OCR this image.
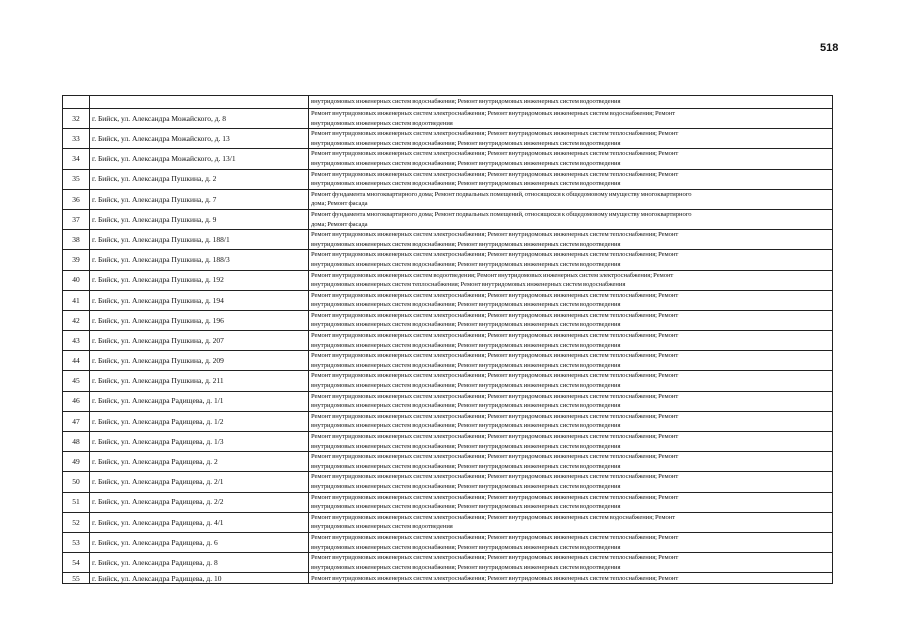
518
		внутридомовых инженерных систем водоснабжения; Ремонт внутридомовых инженерных систем водоотведения
32	г. Бийск, ул. Александра Можайского, д. 8	Ремонт внутридомовых инженерных систем электроснабжения; Ремонт внутридомовых инженерных систем водоснабжения; Ремонт
внутридомовых инженерных систем водоотведения
33	г. Бийск, ул. Александра Можайского, д. 13	Ремонт внутридомовых инженерных систем электроснабжения; Ремонт внутридомовых инженерных систем теплоснабжения; Ремонт
внутридомовых инженерных систем водоснабжения; Ремонт внутридомовых инженерных систем водоотведения
34	г. Бийск, ул. Александра Можайского, д. 13/1	Ремонт внутридомовых инженерных систем электроснабжения; Ремонт внутридомовых инженерных систем теплоснабжения; Ремонт
внутридомовых инженерных систем водоснабжения; Ремонт внутридомовых инженерных систем водоотведения
35	г. Бийск, ул. Александра Пушкина, д. 2	Ремонт внутридомовых инженерных систем электроснабжения; Ремонт внутридомовых инженерных систем теплоснабжения; Ремонт
внутридомовых инженерных систем водоснабжения; Ремонт внутридомовых инженерных систем водоотведения
36	г. Бийск, ул. Александра Пушкина, д. 7	Ремонт фундамента многоквартирного дома; Ремонт подвальных помещений, относящихся к общедомовому имуществу многоквартирного
дома; Ремонт фасада
37	г. Бийск, ул. Александра Пушкина, д. 9	Ремонт фундамента многоквартирного дома; Ремонт подвальных помещений, относящихся к общедомовому имуществу многоквартирного
дома; Ремонт фасада
38	г. Бийск, ул. Александра Пушкина, д. 188/1	Ремонт внутридомовых инженерных систем электроснабжения; Ремонт внутридомовых инженерных систем теплоснабжения; Ремонт
внутридомовых инженерных систем водоснабжения; Ремонт внутридомовых инженерных систем водоотведения
39	г. Бийск, ул. Александра Пушкина, д. 188/3	Ремонт внутридомовых инженерных систем электроснабжения; Ремонт внутридомовых инженерных систем теплоснабжения; Ремонт
внутридомовых инженерных систем водоснабжения; Ремонт внутридомовых инженерных систем водоотведения
40	г. Бийск, ул. Александра Пушкина, д. 192	Ремонт внутридомовых инженерных систем водоотведения; Ремонт внутридомовых инженерных систем электроснабжения; Ремонт
внутридомовых инженерных систем теплоснабжения; Ремонт внутридомовых инженерных систем водоснабжения
41	г. Бийск, ул. Александра Пушкина, д. 194	Ремонт внутридомовых инженерных систем электроснабжения; Ремонт внутридомовых инженерных систем теплоснабжения; Ремонт
внутридомовых инженерных систем водоснабжения; Ремонт внутридомовых инженерных систем водоотведения
42	г. Бийск, ул. Александра Пушкина, д. 196	Ремонт внутридомовых инженерных систем электроснабжения; Ремонт внутридомовых инженерных систем теплоснабжения; Ремонт
внутридомовых инженерных систем водоснабжения; Ремонт внутридомовых инженерных систем водоотведения
43	г. Бийск, ул. Александра Пушкина, д. 207	Ремонт внутридомовых инженерных систем электроснабжения; Ремонт внутридомовых инженерных систем теплоснабжения; Ремонт
внутридомовых инженерных систем водоснабжения; Ремонт внутридомовых инженерных систем водоотведения
44	г. Бийск, ул. Александра Пушкина, д. 209	Ремонт внутридомовых инженерных систем электроснабжения; Ремонт внутридомовых инженерных систем теплоснабжения; Ремонт
внутридомовых инженерных систем водоснабжения; Ремонт внутридомовых инженерных систем водоотведения
45	г. Бийск, ул. Александра Пушкина, д. 211	Ремонт внутридомовых инженерных систем электроснабжения; Ремонт внутридомовых инженерных систем теплоснабжения; Ремонт
внутридомовых инженерных систем водоснабжения; Ремонт внутридомовых инженерных систем водоотведения
46	г. Бийск, ул. Александра Радищева, д. 1/1	Ремонт внутридомовых инженерных систем электроснабжения; Ремонт внутридомовых инженерных систем теплоснабжения; Ремонт
внутридомовых инженерных систем водоснабжения; Ремонт внутридомовых инженерных систем водоотведения
47	г. Бийск, ул. Александра Радищева, д. 1/2	Ремонт внутридомовых инженерных систем электроснабжения; Ремонт внутридомовых инженерных систем теплоснабжения; Ремонт
внутридомовых инженерных систем водоснабжения; Ремонт внутридомовых инженерных систем водоотведения
48	г. Бийск, ул. Александра Радищева, д. 1/3	Ремонт внутридомовых инженерных систем электроснабжения; Ремонт внутридомовых инженерных систем теплоснабжения; Ремонт
внутридомовых инженерных систем водоснабжения; Ремонт внутридомовых инженерных систем водоотведения
49	г. Бийск, ул. Александра Радищева, д. 2	Ремонт внутридомовых инженерных систем электроснабжения; Ремонт внутридомовых инженерных систем теплоснабжения; Ремонт
внутридомовых инженерных систем водоснабжения; Ремонт внутридомовых инженерных систем водоотведения
50	г. Бийск, ул. Александра Радищева, д. 2/1	Ремонт внутридомовых инженерных систем электроснабжения; Ремонт внутридомовых инженерных систем теплоснабжения; Ремонт
внутридомовых инженерных систем водоснабжения; Ремонт внутридомовых инженерных систем водоотведения
51	г. Бийск, ул. Александра Радищева, д. 2/2	Ремонт внутридомовых инженерных систем электроснабжения; Ремонт внутридомовых инженерных систем теплоснабжения; Ремонт
внутридомовых инженерных систем водоснабжения; Ремонт внутридомовых инженерных систем водоотведения
52	г. Бийск, ул. Александра Радищева, д. 4/1	Ремонт внутридомовых инженерных систем электроснабжения; Ремонт внутридомовых инженерных систем водоснабжения; Ремонт
внутридомовых инженерных систем водоотведения
53	г. Бийск, ул. Александра Радищева, д. 6	Ремонт внутридомовых инженерных систем электроснабжения; Ремонт внутридомовых инженерных систем теплоснабжения; Ремонт
внутридомовых инженерных систем водоснабжения; Ремонт внутридомовых инженерных систем водоотведения
54	г. Бийск, ул. Александра Радищева, д. 8	Ремонт внутридомовых инженерных систем электроснабжения; Ремонт внутридомовых инженерных систем теплоснабжения; Ремонт
внутридомовых инженерных систем водоснабжения; Ремонт внутридомовых инженерных систем водоотведения
55	г. Бийск, ул. Александра Радищева, д. 10	Ремонт внутридомовых инженерных систем электроснабжения; Ремонт внутридомовых инженерных систем теплоснабжения; Ремонт
